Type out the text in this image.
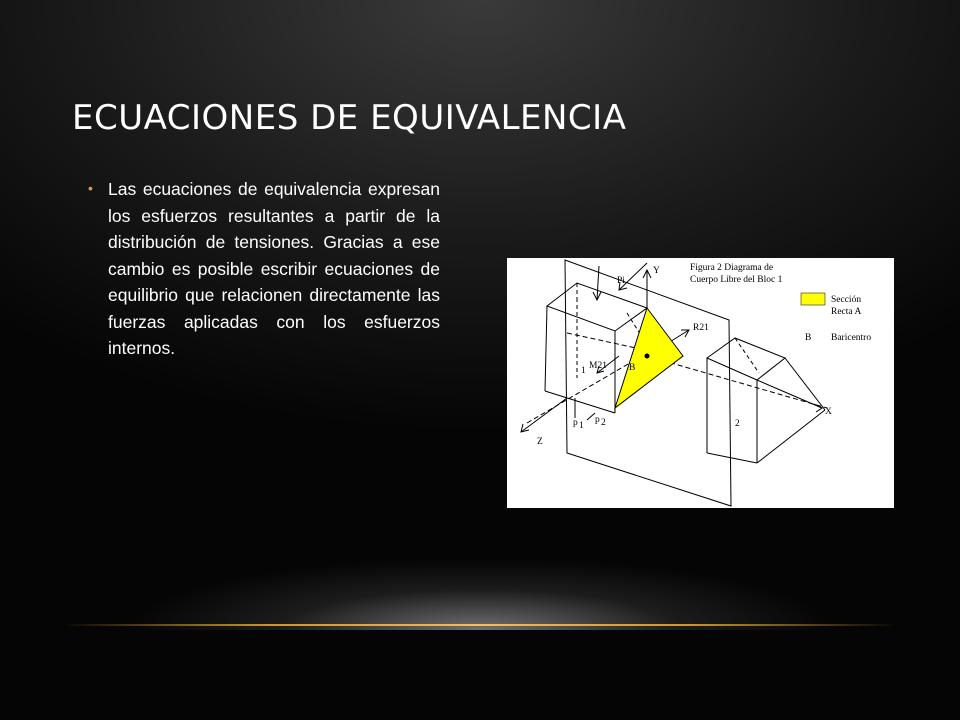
ECUACIONES DE EQUIVALENCIA
• Las ecuaciones de equivalencia expresan los esfuerzos resultantes a partir de la distribución de tensiones. Gracias a ese cambio es posible escribir ecuaciones de equilibrio que relacionen directamente las fuerzas aplicadas con los esfuerzos internos.
Figura 2 Diagrama de
Cuerpo Libre del Bloc 1
Sección
Recta A
B Baricentro
Pi
Y
R21
M21
1	B
2
X
Z
p 1
p 2
